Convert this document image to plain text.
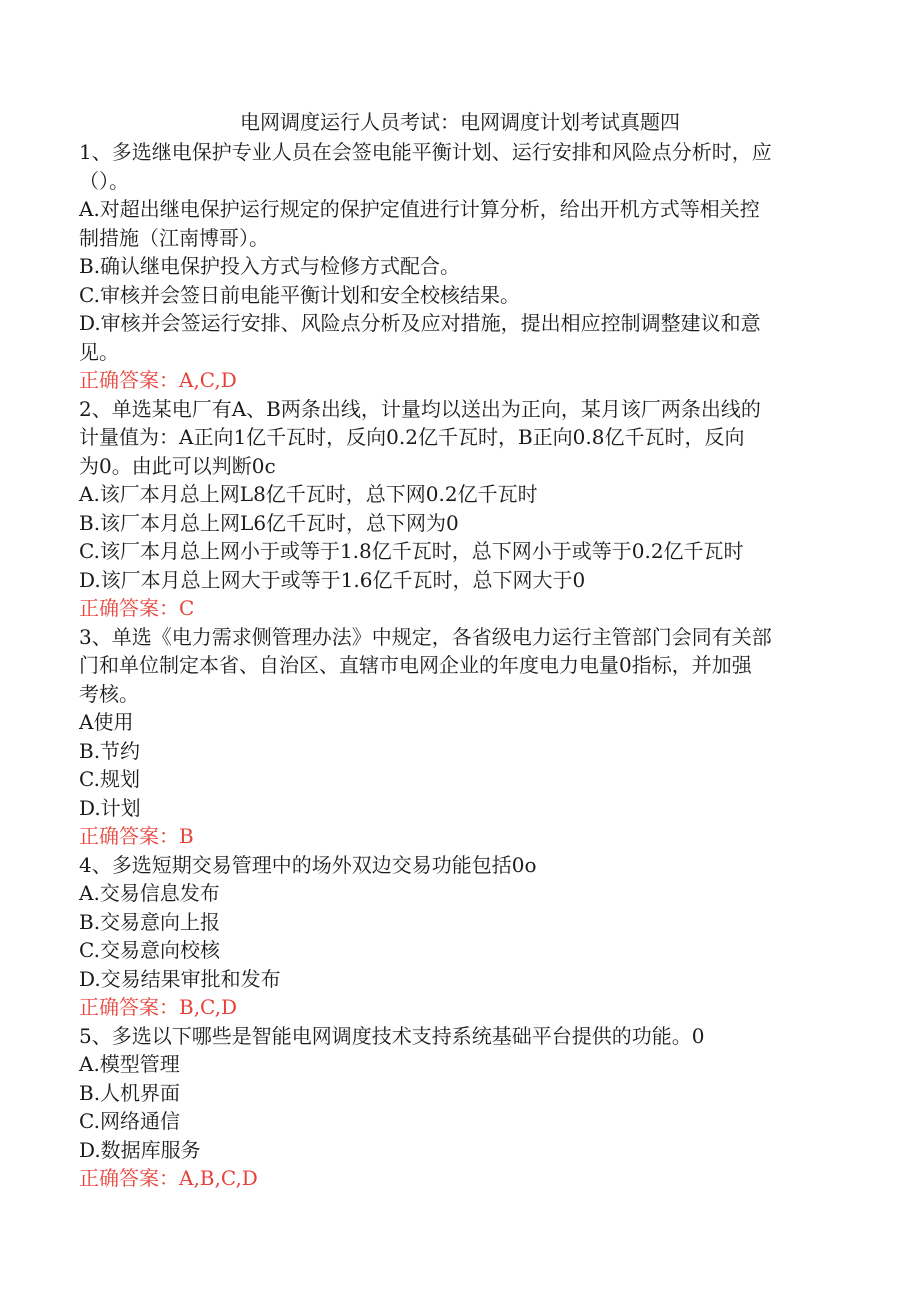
电网调度运行人员考试：电网调度计划考试真题四
1、多选继电保护专业人员在会签电能平衡计划、运行安排和风险点分析时，应
（）。
A.对超出继电保护运行规定的保护定值进行计算分析，给出开机方式等相关控
制措施（江南博哥）。
B.确认继电保护投入方式与检修方式配合。
C.审核并会签日前电能平衡计划和安全校核结果。
D.审核并会签运行安排、风险点分析及应对措施，提出相应控制调整建议和意
见。
正确答案：A,C,D
2、单选某电厂有A、B两条出线，计量均以送出为正向，某月该厂两条出线的
计量值为：A正向1亿千瓦时，反向0.2亿千瓦时，B正向0.8亿千瓦时，反向
为0。由此可以判断0c
A.该厂本月总上网L8亿千瓦时，总下网0.2亿千瓦时
B.该厂本月总上网L6亿千瓦时，总下网为0
C.该厂本月总上网小于或等于1.8亿千瓦时，总下网小于或等于0.2亿千瓦时
D.该厂本月总上网大于或等于1.6亿千瓦时，总下网大于0
正确答案：C
3、单选《电力需求侧管理办法》中规定，各省级电力运行主管部门会同有关部
门和单位制定本省、自治区、直辖市电网企业的年度电力电量0指标，并加强
考核。
A使用
B.节约
C.规划
D.计划
正确答案：B
4、多选短期交易管理中的场外双边交易功能包括0o
A.交易信息发布
B.交易意向上报
C.交易意向校核
D.交易结果审批和发布
正确答案：B,C,D
5、多选以下哪些是智能电网调度技术支持系统基础平台提供的功能。0
A.模型管理
B.人机界面
C.网络通信
D.数据库服务
正确答案：A,B,C,D
